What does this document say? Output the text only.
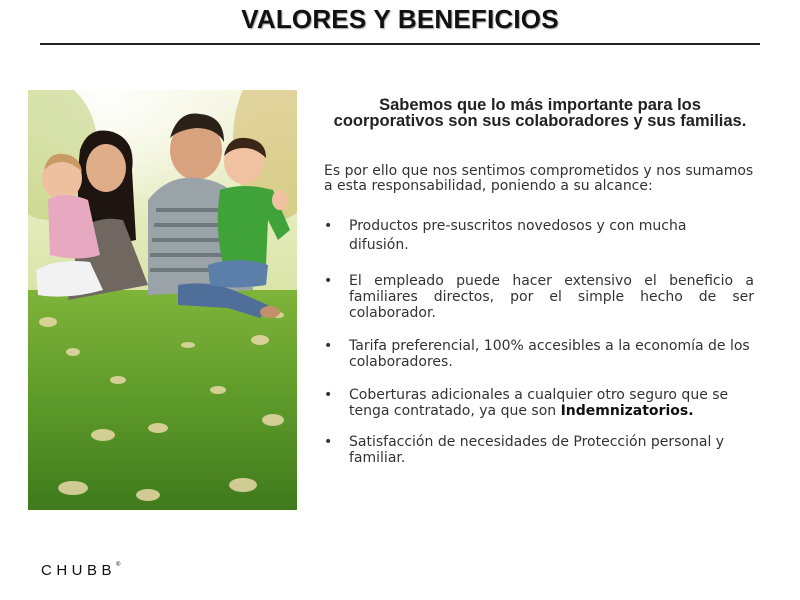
VALORES Y BENEFICIOS
Sabemos que lo más importante para los coorporativos son sus colaboradores y sus familias.
Es por ello que nos sentimos comprometidos y nos sumamos a esta responsabilidad, poniendo a su alcance:
• Productos pre-suscritos novedosos y con mucha
difusión.
• El empleado puede hacer extensivo el beneficio a familiares directos, por el simple hecho de ser colaborador.
• Tarifa preferencial, 100% accesibles a la economía de los colaboradores.
• Coberturas adicionales a cualquier otro seguro que se tenga contratado, ya que son Indemnizatorios.
• Satisfacción de necesidades de Protección personal y familiar.
CHUBB®
